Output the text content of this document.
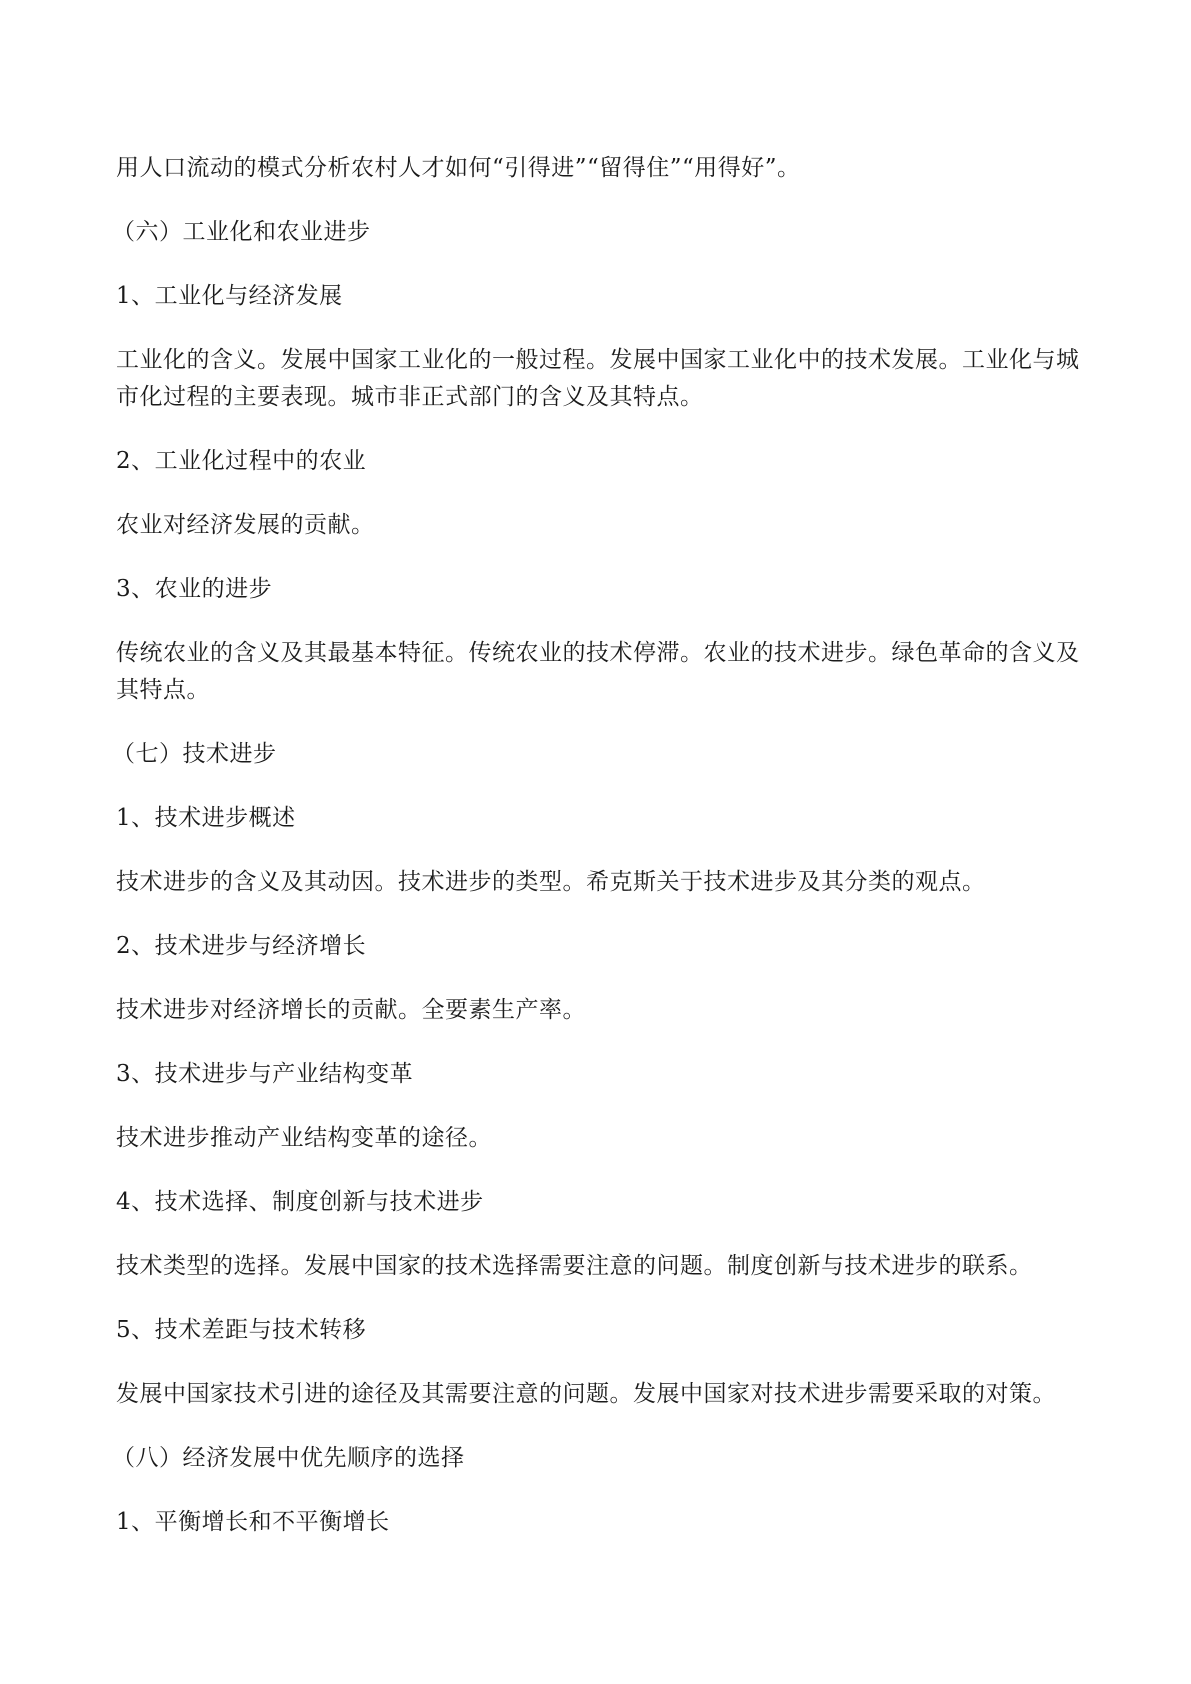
用人口流动的模式分析农村人才如何“引得进”“留得住”“用得好”。

（六）工业化和农业进步

1、工业化与经济发展

工业化的含义。发展中国家工业化的一般过程。发展中国家工业化中的技术发展。工业化与城市化过程的主要表现。城市非正式部门的含义及其特点。

2、工业化过程中的农业

农业对经济发展的贡献。

3、农业的进步

传统农业的含义及其最基本特征。传统农业的技术停滞。农业的技术进步。绿色革命的含义及其特点。

（七）技术进步

1、技术进步概述

技术进步的含义及其动因。技术进步的类型。希克斯关于技术进步及其分类的观点。

2、技术进步与经济增长

技术进步对经济增长的贡献。全要素生产率。

3、技术进步与产业结构变革

技术进步推动产业结构变革的途径。

4、技术选择、制度创新与技术进步

技术类型的选择。发展中国家的技术选择需要注意的问题。制度创新与技术进步的联系。

5、技术差距与技术转移

发展中国家技术引进的途径及其需要注意的问题。发展中国家对技术进步需要采取的对策。

（八）经济发展中优先顺序的选择

1、平衡增长和不平衡增长
